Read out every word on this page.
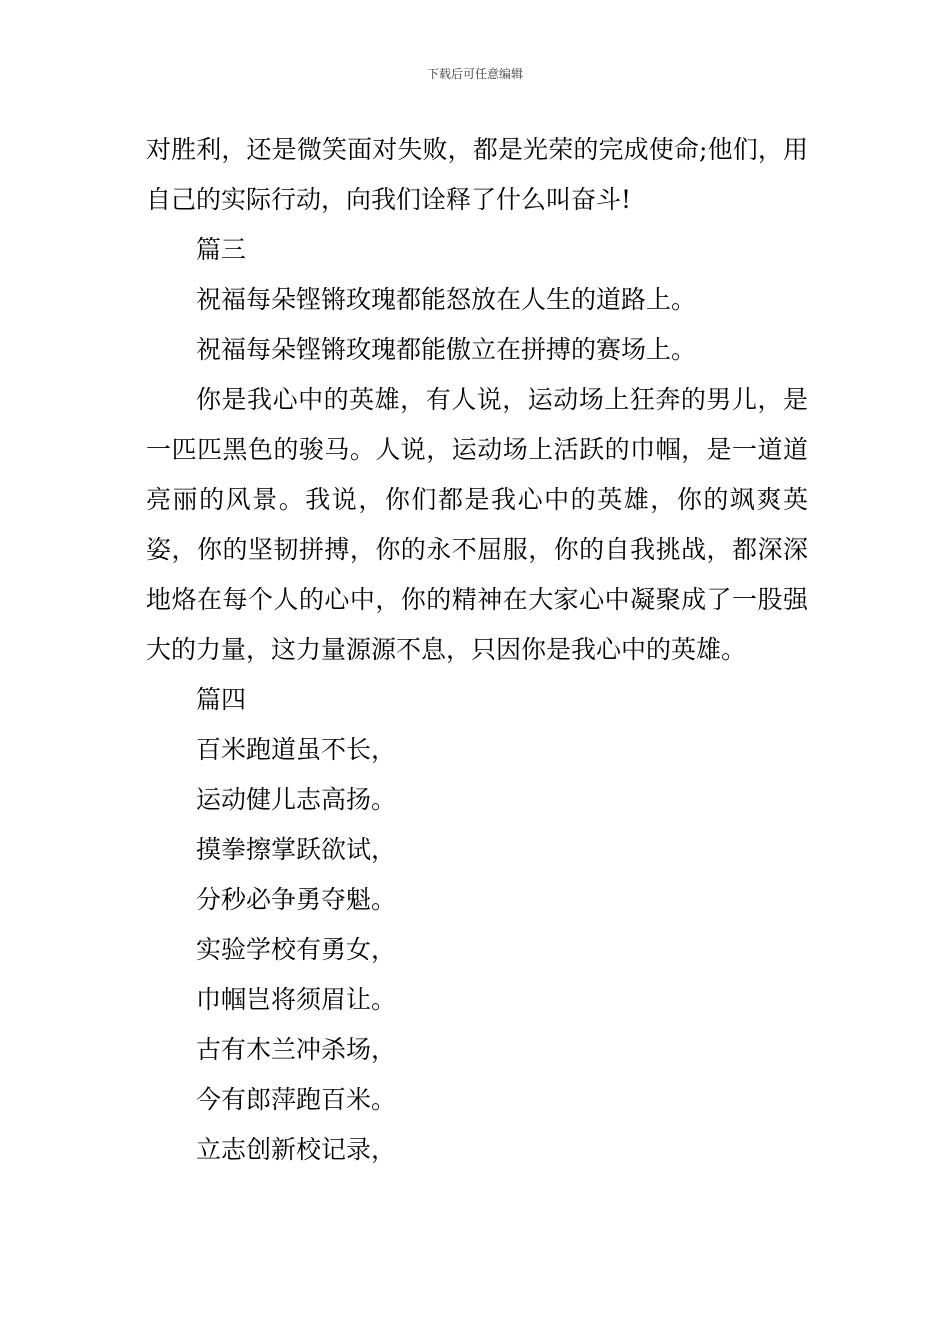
下载后可任意编辑

对胜利，还是微笑面对失败，都是光荣的完成使命;他们，用自己的实际行动，向我们诠释了什么叫奋斗!

篇三

祝福每朵铿锵玫瑰都能怒放在人生的道路上。

祝福每朵铿锵玫瑰都能傲立在拼搏的赛场上。

你是我心中的英雄，有人说，运动场上狂奔的男儿，是一匹匹黑色的骏马。人说，运动场上活跃的巾帼，是一道道亮丽的风景。我说，你们都是我心中的英雄，你的飒爽英姿，你的坚韧拼搏，你的永不屈服，你的自我挑战，都深深地烙在每个人的心中，你的精神在大家心中凝聚成了一股强大的力量，这力量源源不息，只因你是我心中的英雄。

篇四

百米跑道虽不长，

运动健儿志高扬。

摸拳擦掌跃欲试，

分秒必争勇夺魁。

实验学校有勇女，

巾帼岂将须眉让。

古有木兰冲杀场，

今有郎萍跑百米。

立志创新校记录，
